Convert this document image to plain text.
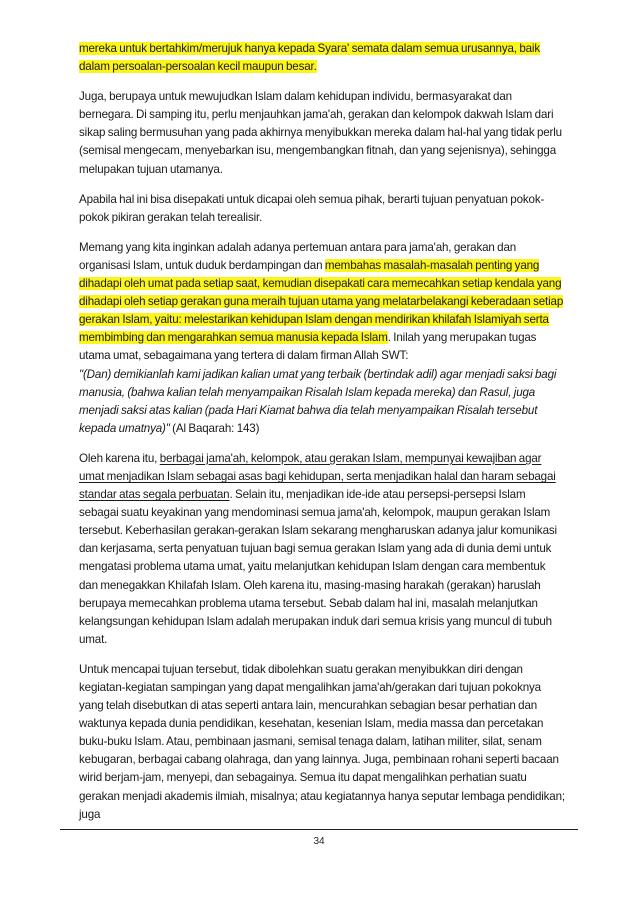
mereka untuk bertahkim/merujuk hanya kepada Syara' semata dalam semua urusannya, baik dalam persoalan-persoalan kecil maupun besar.

Juga, berupaya untuk mewujudkan Islam dalam kehidupan individu, bermasyarakat dan bernegara. Di samping itu, perlu menjauhkan jama'ah, gerakan dan kelompok dakwah Islam dari sikap saling bermusuhan yang pada akhirnya menyibukkan mereka dalam hal-hal yang tidak perlu (semisal mengecam, menyebarkan isu, mengembangkan fitnah, dan yang sejenisnya), sehingga melupakan tujuan utamanya.

Apabila hal ini bisa disepakati untuk dicapai oleh semua pihak, berarti tujuan penyatuan pokok-pokok pikiran gerakan telah terealisir.

Memang yang kita inginkan adalah adanya pertemuan antara para jama'ah, gerakan dan organisasi Islam, untuk duduk berdampingan dan membahas masalah-masalah penting yang dihadapi oleh umat pada setiap saat, kemudian disepakati cara memecahkan setiap kendala yang dihadapi oleh setiap gerakan guna meraih tujuan utama yang melatarbelakangi keberadaan setiap gerakan Islam, yaitu: melestarikan kehidupan Islam dengan mendirikan khilafah Islamiyah serta membimbing dan mengarahkan semua manusia kepada Islam. Inilah yang merupakan tugas utama umat, sebagaimana yang tertera di dalam firman Allah SWT:
"(Dan) demikianlah kami jadikan kalian umat yang terbaik (bertindak adil) agar menjadi saksi bagi manusia, (bahwa kalian telah menyampaikan Risalah Islam kepada mereka) dan Rasul, juga menjadi saksi atas kalian (pada Hari Kiamat bahwa dia telah menyampaikan Risalah tersebut kepada umatnya)" (Al Baqarah: 143)

Oleh karena itu, berbagai jama'ah, kelompok, atau gerakan Islam, mempunyai kewajiban agar umat menjadikan Islam sebagai asas bagi kehidupan, serta menjadikan halal dan haram sebagai standar atas segala perbuatan. Selain itu, menjadikan ide-ide atau persepsi-persepsi Islam sebagai suatu keyakinan yang mendominasi semua jama'ah, kelompok, maupun gerakan Islam tersebut. Keberhasilan gerakan-gerakan Islam sekarang mengharuskan adanya jalur komunikasi dan kerjasama, serta penyatuan tujuan bagi semua gerakan Islam yang ada di dunia demi untuk mengatasi problema utama umat, yaitu melanjutkan kehidupan Islam dengan cara membentuk dan menegakkan Khilafah Islam. Oleh karena itu, masing-masing harakah (gerakan) haruslah berupaya memecahkan problema utama tersebut. Sebab dalam hal ini, masalah melanjutkan kelangsungan kehidupan Islam adalah merupakan induk dari semua krisis yang muncul di tubuh umat.

Untuk mencapai tujuan tersebut, tidak dibolehkan suatu gerakan menyibukkan diri dengan kegiatan-kegiatan sampingan yang dapat mengalihkan jama'ah/gerakan dari tujuan pokoknya yang telah disebutkan di atas seperti antara lain, mencurahkan sebagian besar perhatian dan waktunya kepada dunia pendidikan, kesehatan, kesenian Islam, media massa dan percetakan buku-buku Islam. Atau, pembinaan jasmani, semisal tenaga dalam, latihan militer, silat, senam kebugaran, berbagai cabang olahraga, dan yang lainnya. Juga, pembinaan rohani seperti bacaan wirid berjam-jam, menyepi, dan sebagainya. Semua itu dapat mengalihkan perhatian suatu gerakan menjadi akademis ilmiah, misalnya; atau kegiatannya hanya seputar lembaga pendidikan; juga

34
